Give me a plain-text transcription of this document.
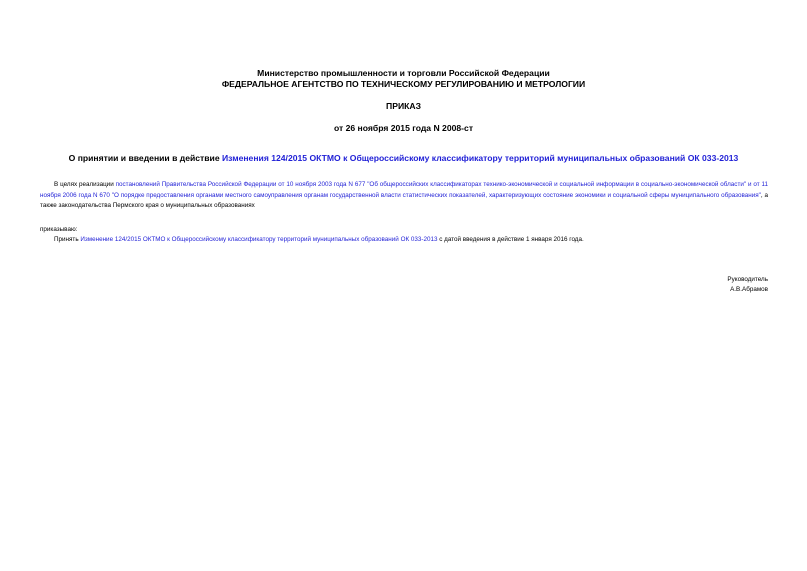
Министерство промышленности и торговли Российской Федерации
ФЕДЕРАЛЬНОЕ АГЕНТСТВО ПО ТЕХНИЧЕСКОМУ РЕГУЛИРОВАНИЮ И МЕТРОЛОГИИ
ПРИКАЗ
от 26 ноября 2015 года N 2008-ст
О принятии и введении в действие Изменения 124/2015 ОКТМО к Общероссийскому классификатору территорий муниципальных образований ОК 033-2013
В целях реализации постановлений Правительства Российской Федерации от 10 ноября 2003 года N 677 "Об общероссийских классификаторах технико-экономической и социальной информации в социально-экономической области" и от 11 ноября 2006 года N 670 "О порядке предоставления органами местного самоуправления органам государственной власти статистических показателей, характеризующих состояние экономики и социальной сферы муниципального образования", а также законодательства Пермского края о муниципальных образованиях
приказываю:
Принять Изменение 124/2015 ОКТМО к Общероссийскому классификатору территорий муниципальных образований ОК 033-2013 с датой введения в действие 1 января 2016 года.
Руководитель
А.В.Абрамов
